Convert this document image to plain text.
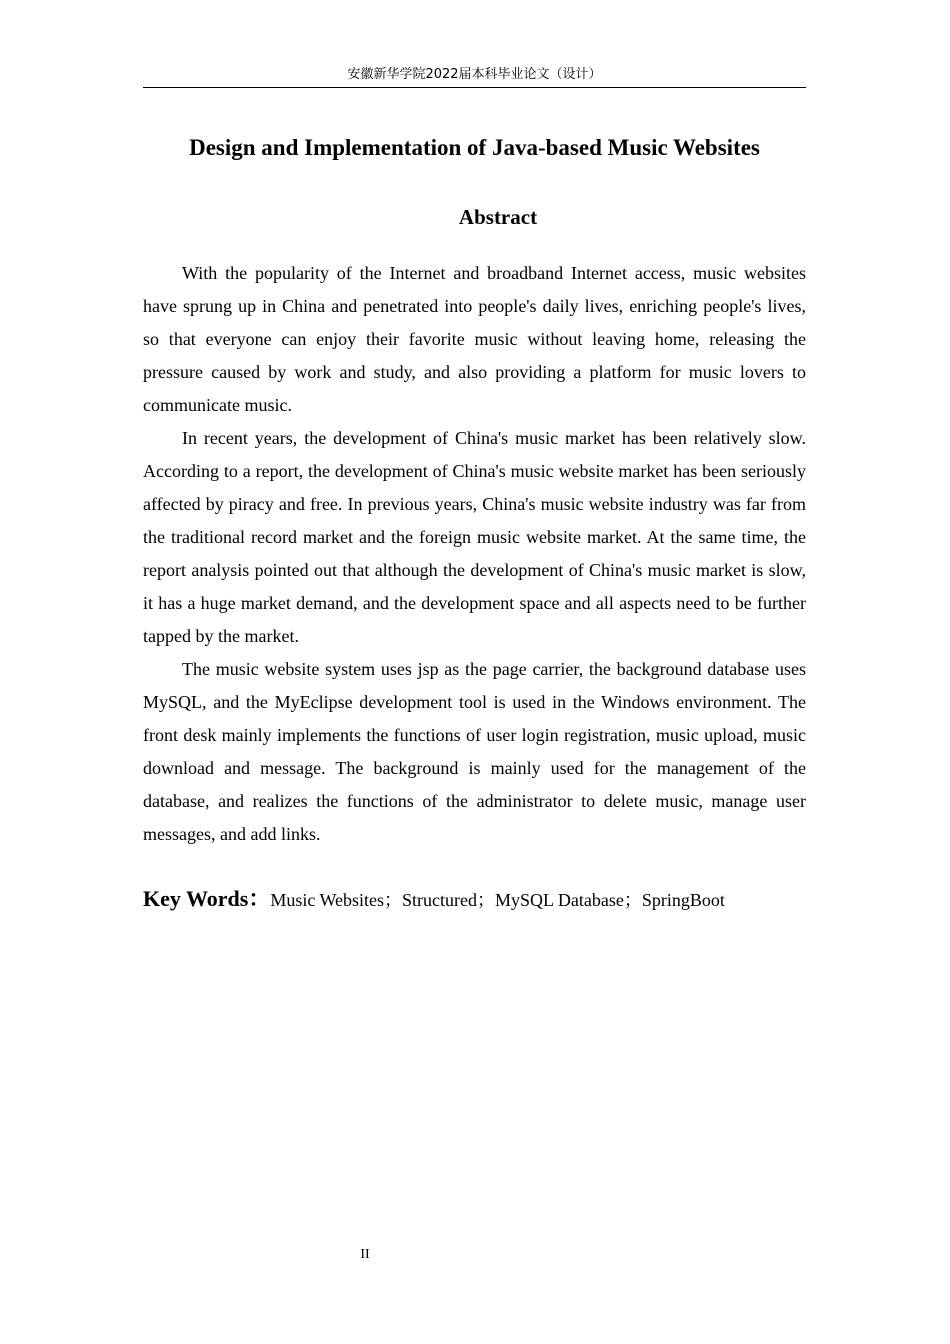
安徽新华学院2022届本科毕业论文（设计）
Design and Implementation of Java-based Music Websites
Abstract

With the popularity of the Internet and broadband Internet access, music websites have sprung up in China and penetrated into people's daily lives, enriching people's lives, so that everyone can enjoy their favorite music without leaving home, releasing the pressure caused by work and study, and also providing a platform for music lovers to communicate music.

In recent years, the development of China's music market has been relatively slow. According to a report, the development of China's music website market has been seriously affected by piracy and free. In previous years, China's music website industry was far from the traditional record market and the foreign music website market. At the same time, the report analysis pointed out that although the development of China's music market is slow, it has a huge market demand, and the development space and all aspects need to be further tapped by the market.

The music website system uses jsp as the page carrier, the background database uses MySQL, and the MyEclipse development tool is used in the Windows environment. The front desk mainly implements the functions of user login registration, music upload, music download and message. The background is mainly used for the management of the database, and realizes the functions of the administrator to delete music, manage user messages, and add links.

Key Words：Music Websites；Structured；MySQL Database；SpringBoot
II
